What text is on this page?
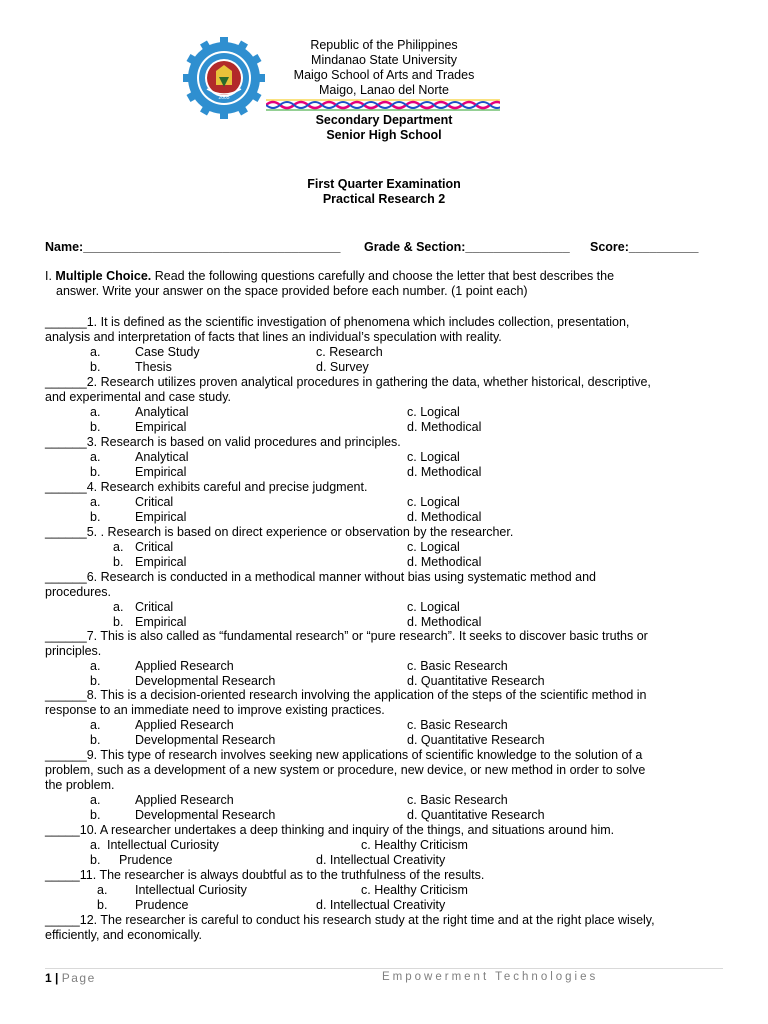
2005
Republic of the Philippines
Mindanao State University
Maigo School of Arts and Trades
Maigo, Lanao del Norte
Secondary Department
Senior High School
First Quarter Examination
Practical Research 2
Name:_____________________________________ Grade & Section:_______________ Score:__________
I. Multiple Choice. Read the following questions carefully and choose the letter that best describes the
answer. Write your answer on the space provided before each number. (1 point each)
______1. It is defined as the scientific investigation of phenomena which includes collection, presentation,
analysis and interpretation of facts that lines an individual’s speculation with reality.
a.	Case Study	c. Research
b.	Thesis	d. Survey
______2. Research utilizes proven analytical procedures in gathering the data, whether historical, descriptive,
and experimental and case study.
a.	Analytical	c. Logical
b.	Empirical	d. Methodical
______3. Research is based on valid procedures and principles.
a.	Analytical	c. Logical
b.	Empirical	d. Methodical
______4. Research exhibits careful and precise judgment.
a.	Critical	c. Logical
b.	Empirical	d. Methodical
______5. . Research is based on direct experience or observation by the researcher.
a. Critical	c. Logical
b. Empirical	d. Methodical
______6. Research is conducted in a methodical manner without bias using systematic method and
procedures.
a. Critical	c. Logical
b. Empirical	d. Methodical
______7. This is also called as “fundamental research” or “pure research”. It seeks to discover basic truths or
principles.
a.	Applied Research	c. Basic Research
b.	Developmental Research	d. Quantitative Research
______8. This is a decision-oriented research involving the application of the steps of the scientific method in
response to an immediate need to improve existing practices.
a.	Applied Research	c. Basic Research
b.	Developmental Research	d. Quantitative Research
______9. This type of research involves seeking new applications of scientific knowledge to the solution of a
problem, such as a development of a new system or procedure, new device, or new method in order to solve
the problem.
a.	Applied Research	c. Basic Research
b.	Developmental Research	d. Quantitative Research
_____10. A researcher undertakes a deep thinking and inquiry of the things, and situations around him.
a. Intellectual Curiosity	c. Healthy Criticism
b. Prudence	d. Intellectual Creativity
_____11. The researcher is always doubtful as to the truthfulness of the results.
a. Intellectual Curiosity	c. Healthy Criticism
b. Prudence	d. Intellectual Creativity
_____12. The researcher is careful to conduct his research study at the right time and at the right place wisely,
efficiently, and economically.
1 | Page	Empowerment Technologies
